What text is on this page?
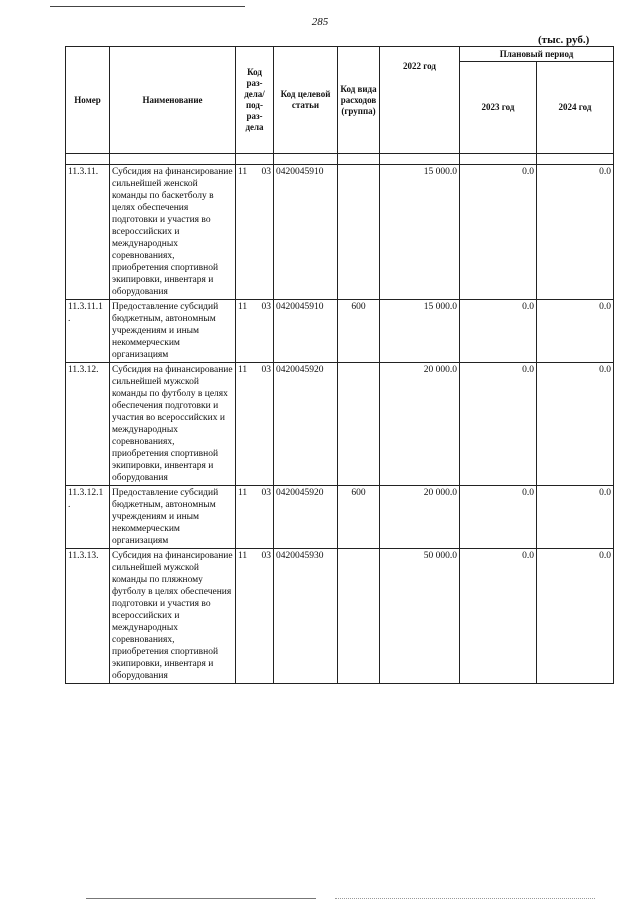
285
(тыс. руб.)
Номер	Наименование	Код раз- дела/ под- раз- дела	Код целевой статьи	Код вида расходов (группа)	2022 год	Плановый период	
						2023 год	2024 год

11.3.11.	Субсидия на финансирование сильнейшей женской команды по баскетболу в целях обеспечения подготовки и участия во всероссийских и международных соревнованиях, приобретения спортивной экипировки, инвентаря и оборудования	11 03	0420045910		15 000.0	0.0	0.0
11.3.11.1 .	Предоставление субсидий бюджетным, автономным учреждениям и иным некоммерческим организациям	11 03	0420045910	600	15 000.0	0.0	0.0
11.3.12.	Субсидия на финансирование сильнейшей мужской команды по футболу в целях обеспечения подготовки и участия во всероссийских и международных соревнованиях, приобретения спортивной экипировки, инвентаря и оборудования	11 03	0420045920		20 000.0	0.0	0.0
11.3.12.1 .	Предоставление субсидий бюджетным, автономным учреждениям и иным некоммерческим организациям	11 03	0420045920	600	20 000.0	0.0	0.0
11.3.13.	Субсидия на финансирование сильнейшей мужской команды по пляжному футболу в целях обеспечения подготовки и участия во всероссийских и международных соревнованиях, приобретения спортивной экипировки, инвентаря и оборудования	11 03	0420045930		50 000.0	0.0	0.0
